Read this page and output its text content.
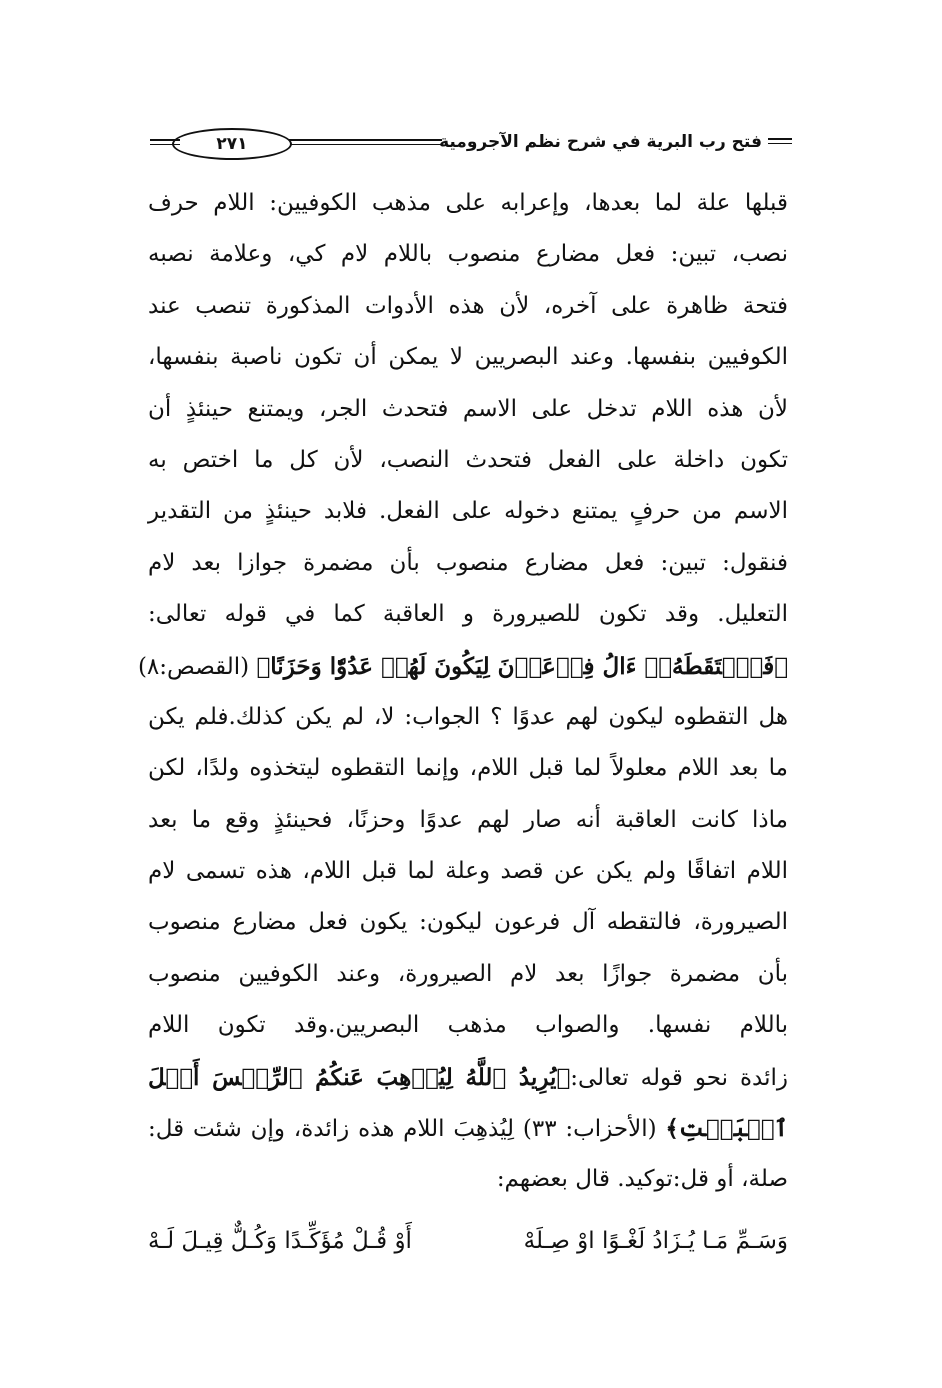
فتح رب البرية في شرح نظم الآجرومية
٢٧١
قبلها علة لما بعدها، وإعرابه على مذهب الكوفيين: اللام حرف
نصب، تبين: فعل مضارع منصوب باللام لام كي، وعلامة نصبه
فتحة ظاهرة على آخره، لأن هذه الأدوات المذكورة تنصب عند
الكوفيين بنفسها. وعند البصريين لا يمكن أن تكون ناصبة بنفسها،
لأن هذه اللام تدخل على الاسم فتحدث الجر، ويمتنع حينئذٍ أن
تكون داخلة على الفعل فتحدث النصب، لأن كل ما اختص به
الاسم من حرفٍ يمتنع دخوله على الفعل. فلابد حينئذٍ من التقدير
فنقول: تبين: فعل مضارع منصوب بأن مضمرة جوازا بعد لام
التعليل. وقد تكون للصيرورة و العاقبة كما في قوله تعالى:
﴿فَٱلۡتَقَطَهُۥٓ ءَالُ فِرۡعَوۡنَ لِيَكُونَ لَهُمۡ عَدُوّٗا وَحَزَنًا﴾ (القصص:٨)
هل التقطوه ليكون لهم عدوًا ؟ الجواب: لا، لم يكن كذلك.فلم يكن
ما بعد اللام معلولاً لما قبل اللام، وإنما التقطوه ليتخذوه ولدًا، لكن
ماذا كانت العاقبة أنه صار لهم عدوًا وحزنًا، فحينئذٍ وقع ما بعد
اللام اتفاقًا ولم يكن عن قصد وعلة لما قبل اللام، هذه تسمى لام
الصيرورة، فالتقطه آل فرعون ليكون: يكون فعل مضارع منصوب
بأن مضمرة جوازًا بعد لام الصيرورة، وعند الكوفيين منصوب
باللام نفسها. والصواب مذهب البصريين.وقد تكون اللام
زائدة نحو قوله تعالى:﴿يُرِيدُ ٱللَّهُ لِيُذۡهِبَ عَنكُمُ ٱلرِّجۡسَ أَهۡلَ
ٱلۡبَيۡتِ﴾ (الأحزاب: ٣٣) لِيُذهِبَ اللام هذه زائدة، وإن شئت قل:
صلة، أو قل:توكيد. قال بعضهم:
وَسَـمِّ مَـا يُـزَادُ لَغْـوًا اوْ صِـلَهْ
أَوْ قُـلْ مُؤَكِّـدًا وَكُـلٌّ قِيـلَ لَـهْ
